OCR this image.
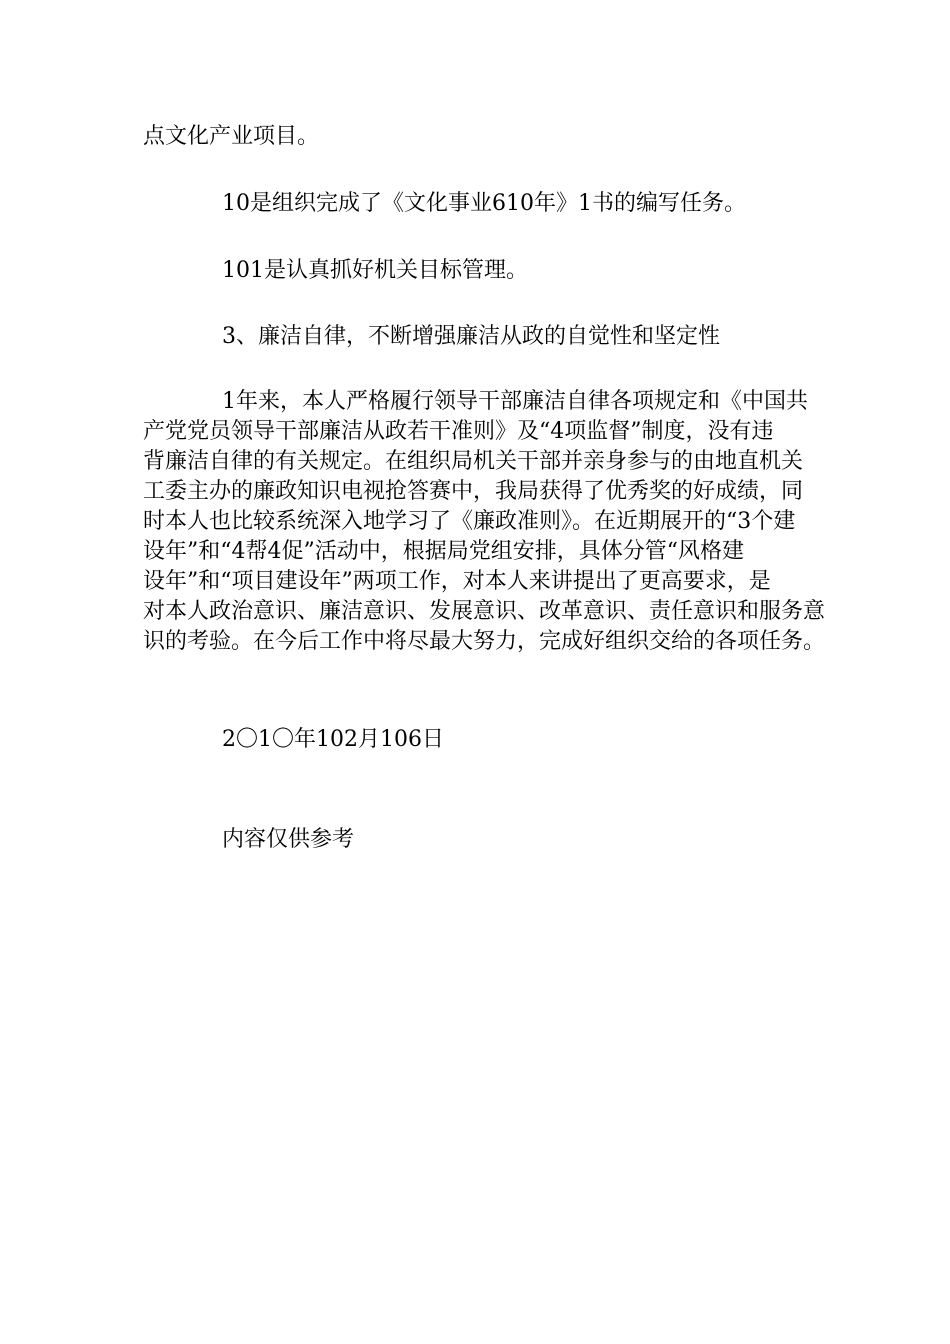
点文化产业项目。
10是组织完成了《文化事业610年》1书的编写任务。
101是认真抓好机关目标管理。
3、廉洁自律，不断增强廉洁从政的自觉性和坚定性
1年来，本人严格履行领导干部廉洁自律各项规定和《中国共
产党党员领导干部廉洁从政若干准则》及“4项监督”制度，没有违
背廉洁自律的有关规定。在组织局机关干部并亲身参与的由地直机关
工委主办的廉政知识电视抢答赛中，我局获得了优秀奖的好成绩，同
时本人也比较系统深入地学习了《廉政准则》。在近期展开的“3个建
设年”和“4帮4促”活动中，根据局党组安排，具体分管“风格建
设年”和“项目建设年”两项工作，对本人来讲提出了更高要求，是
对本人政治意识、廉洁意识、发展意识、改革意识、责任意识和服务意
识的考验。在今后工作中将尽最大努力，完成好组织交给的各项任务。
2〇1〇年102月106日
内容仅供参考
